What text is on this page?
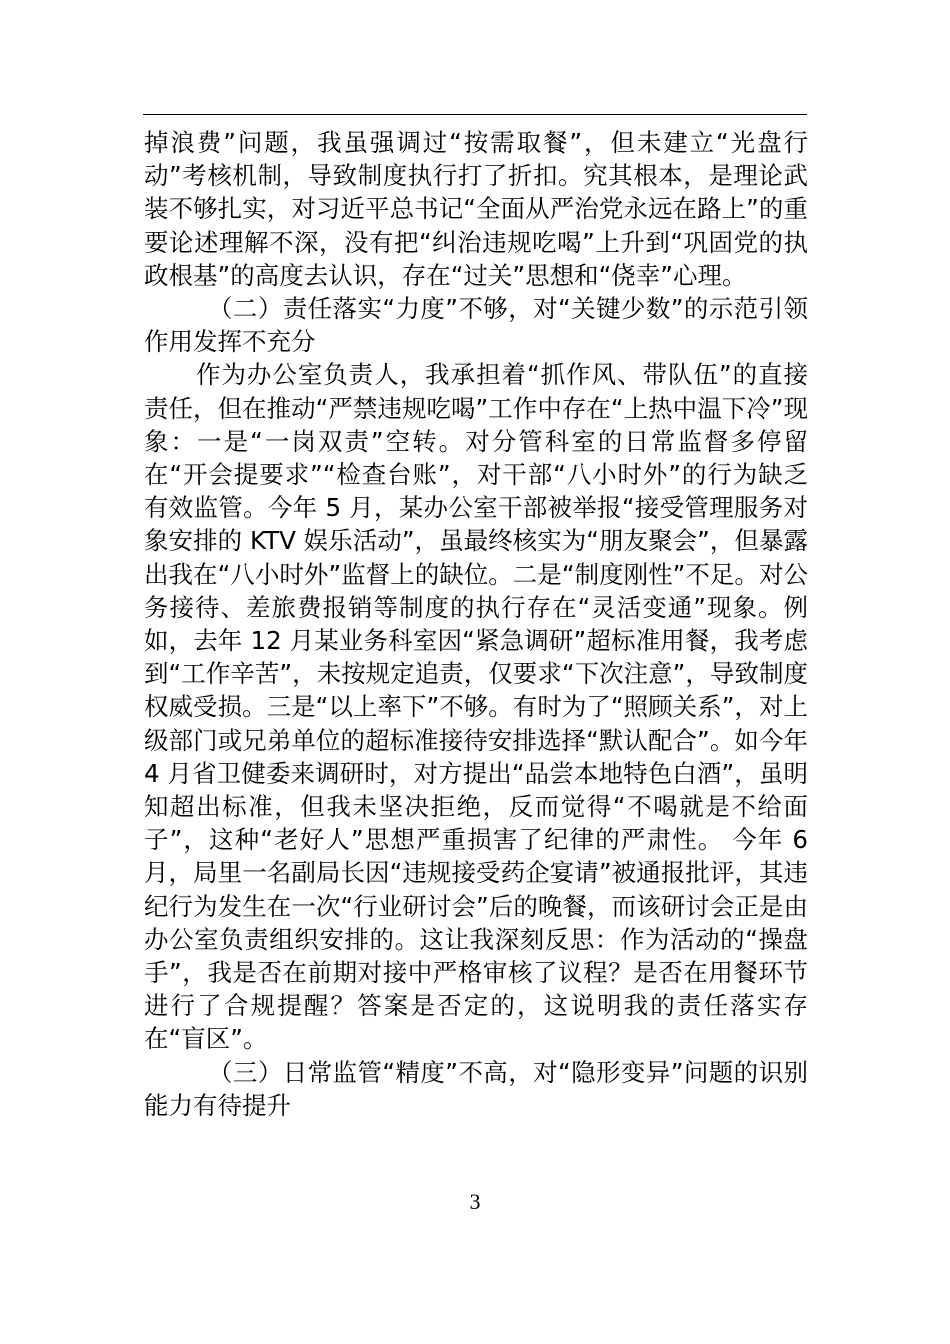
掉浪费”问题，我虽强调过“按需取餐”，但未建立“光盘行动”考核机制，导致制度执行打了折扣。究其根本，是理论武装不够扎实，对习近平总书记“全面从严治党永远在路上”的重要论述理解不深，没有把“纠治违规吃喝”上升到“巩固党的执政根基”的高度去认识，存在“过关”思想和“侥幸”心理。

（二）责任落实“力度”不够，对“关键少数”的示范引领作用发挥不充分

作为办公室负责人，我承担着“抓作风、带队伍”的直接责任，但在推动“严禁违规吃喝”工作中存在“上热中温下冷”现象：一是“一岗双责”空转。对分管科室的日常监督多停留在“开会提要求”“检查台账”，对干部“八小时外”的行为缺乏有效监管。今年 5 月，某办公室干部被举报“接受管理服务对象安排的 KTV 娱乐活动”，虽最终核实为“朋友聚会”，但暴露出我在“八小时外”监督上的缺位。二是“制度刚性”不足。对公务接待、差旅费报销等制度的执行存在“灵活变通”现象。例如，去年 12 月某业务科室因“紧急调研”超标准用餐，我考虑到“工作辛苦”，未按规定追责，仅要求“下次注意”，导致制度权威受损。三是“以上率下”不够。有时为了“照顾关系”，对上级部门或兄弟单位的超标准接待安排选择“默认配合”。如今年 4 月省卫健委来调研时，对方提出“品尝本地特色白酒”，虽明知超出标准，但我未坚决拒绝，反而觉得“不喝就是不给面子”，这种“老好人”思想严重损害了纪律的严肃性。 今年 6 月，局里一名副局长因“违规接受药企宴请”被通报批评，其违纪行为发生在一次“行业研讨会”后的晚餐，而该研讨会正是由办公室负责组织安排的。这让我深刻反思：作为活动的“操盘手”，我是否在前期对接中严格审核了议程？是否在用餐环节进行了合规提醒？答案是否定的，这说明我的责任落实存在“盲区”。

（三）日常监管“精度”不高，对“隐形变异”问题的识别能力有待提升

3
